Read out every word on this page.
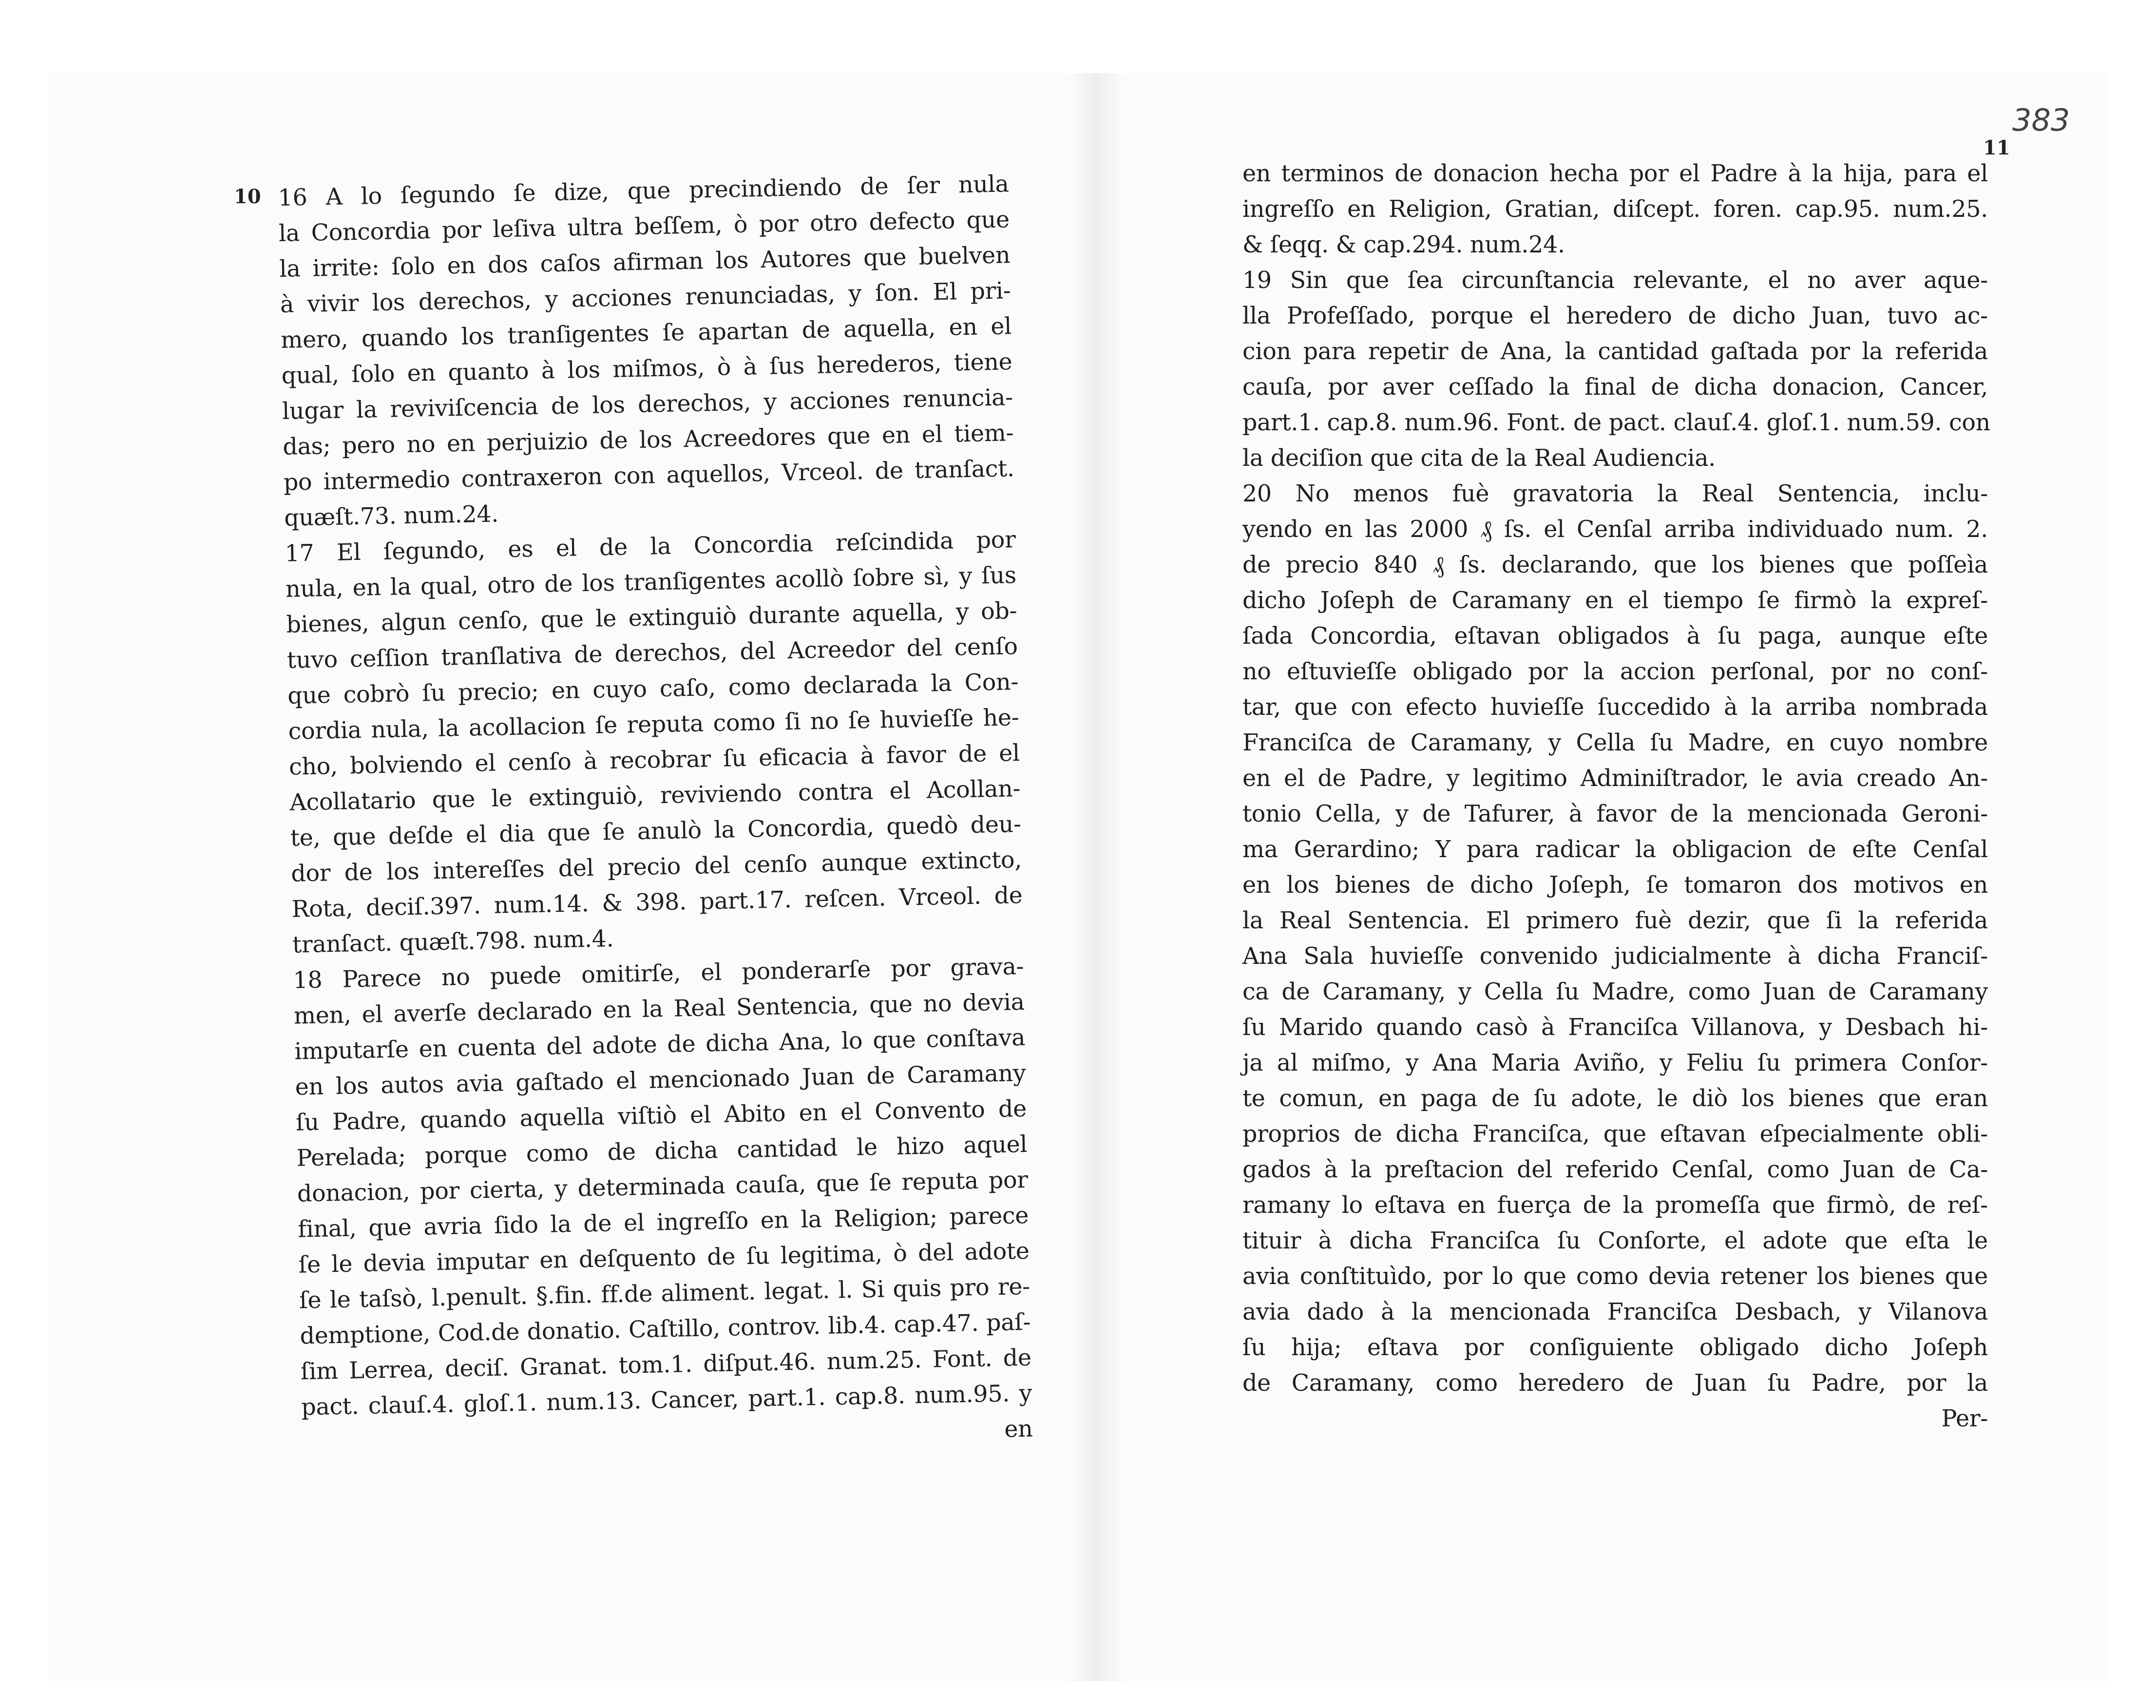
10 16 A lo ſegundo ſe dize, que precindiendo de ſer nula
la Concordia por leſiva ultra beſſem, ò por otro defecto que
la irrite: ſolo en dos caſos afirman los Autores que buelven
à vivir los derechos, y acciones renunciadas, y ſon. El pri-
mero, quando los tranſigentes ſe apartan de aquella, en el
qual, ſolo en quanto à los miſmos, ò à ſus herederos, tiene
lugar la reviviſcencia de los derechos, y acciones renuncia-
das; pero no en perjuizio de los Acreedores que en el tiem-
po intermedio contraxeron con aquellos, Vrceol. de tranſact.
quæſt.73. num.24.
17 El ſegundo, es el de la Concordia reſcindida por
nula, en la qual, otro de los tranſigentes acollò ſobre sì, y ſus
bienes, algun cenſo, que le extinguiò durante aquella, y ob-
tuvo ceſſion tranſlativa de derechos, del Acreedor del cenſo
que cobrò ſu precio; en cuyo caſo, como declarada la Con-
cordia nula, la acollacion ſe reputa como ſi no ſe huvieſſe he-
cho, bolviendo el cenſo à recobrar ſu eficacia à favor de el
Acollatario que le extinguiò, reviviendo contra el Acollan-
te, que deſde el dia que ſe anulò la Concordia, quedò deu-
dor de los intereſſes del precio del cenſo aunque extincto,
Rota, deciſ.397. num.14. & 398. part.17. reſcen. Vrceol. de
tranſact. quæſt.798. num.4.
18 Parece no puede omitirſe, el ponderarſe por grava-
men, el averſe declarado en la Real Sentencia, que no devia
imputarſe en cuenta del adote de dicha Ana, lo que conſtava
en los autos avia gaſtado el mencionado Juan de Caramany
ſu Padre, quando aquella viſtiò el Abito en el Convento de
Perelada; porque como de dicha cantidad le hizo aquel
donacion, por cierta, y determinada cauſa, que ſe reputa por
final, que avria ſido la de el ingreſſo en la Religion; parece
ſe le devia imputar en deſquento de ſu legitima, ò del adote
ſe le taſsò, l.penult. §.fin. ff.de aliment. legat. l. Si quis pro re-
demptione, Cod.de donatio. Caſtillo, controv. lib.4. cap.47. paſ-
ſim Lerrea, deciſ. Granat. tom.1. diſput.46. num.25. Font. de
pact. clauſ.4. gloſ.1. num.13. Cancer, part.1. cap.8. num.95. y
en
383
11
en terminos de donacion hecha por el Padre à la hija, para el
ingreſſo en Religion, Gratian, diſcept. foren. cap.95. num.25.
& ſeqq. & cap.294. num.24.
19 Sin que ſea circunſtancia relevante, el no aver aque-
lla Profeſſado, porque el heredero de dicho Juan, tuvo ac-
cion para repetir de Ana, la cantidad gaſtada por la referida
cauſa, por aver ceſſado la final de dicha donacion, Cancer,
part.1. cap.8. num.96. Font. de pact. clauſ.4. gloſ.1. num.59. con
la deciſion que cita de la Real Audiencia.
20 No menos fuè gravatoria la Real Sentencia, inclu-
yendo en las 2000 ₰ ſs. el Cenſal arriba individuado num. 2.
de precio 840 ₰ ſs. declarando, que los bienes que poſſeìa
dicho Joſeph de Caramany en el tiempo ſe firmò la expreſ-
ſada Concordia, eſtavan obligados à ſu paga, aunque eſte
no eſtuvieſſe obligado por la accion perſonal, por no conſ-
tar, que con efecto huvieſſe ſuccedido à la arriba nombrada
Franciſca de Caramany, y Cella ſu Madre, en cuyo nombre
en el de Padre, y legitimo Adminiſtrador, le avia creado An-
tonio Cella, y de Tafurer, à favor de la mencionada Geroni-
ma Gerardino; Y para radicar la obligacion de eſte Cenſal
en los bienes de dicho Joſeph, ſe tomaron dos motivos en
la Real Sentencia. El primero fuè dezir, que ſi la referida
Ana Sala huvieſſe convenido judicialmente à dicha Franciſ-
ca de Caramany, y Cella ſu Madre, como Juan de Caramany
ſu Marido quando casò à Franciſca Villanova, y Desbach hi-
ja al miſmo, y Ana Maria Aviño, y Feliu ſu primera Conſor-
te comun, en paga de ſu adote, le diò los bienes que eran
proprios de dicha Franciſca, que eſtavan eſpecialmente obli-
gados à la preſtacion del referido Cenſal, como Juan de Ca-
ramany lo eſtava en fuerça de la promeſſa que firmò, de reſ-
tituir à dicha Franciſca ſu Conſorte, el adote que eſta le
avia conſtituìdo, por lo que como devia retener los bienes que
avia dado à la mencionada Franciſca Desbach, y Vilanova
ſu hija; eſtava por conſiguiente obligado dicho Joſeph
de Caramany, como heredero de Juan ſu Padre, por la
Per-
